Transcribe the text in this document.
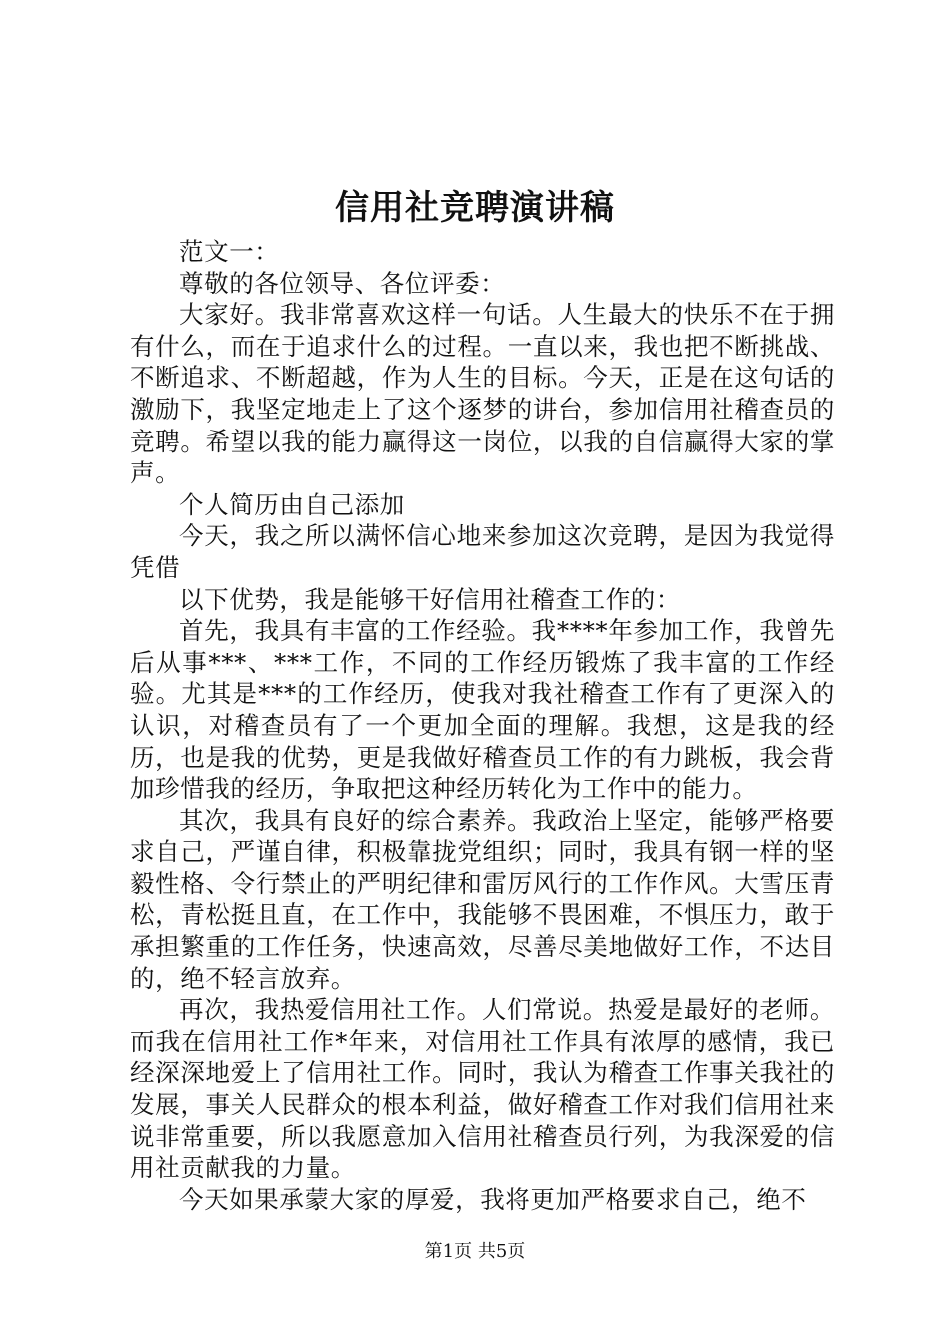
信用社竞聘演讲稿

范文一：

尊敬的各位领导、各位评委：

大家好。我非常喜欢这样一句话。人生最大的快乐不在于拥有什么，而在于追求什么的过程。一直以来，我也把不断挑战、不断追求、不断超越，作为人生的目标。今天，正是在这句话的激励下，我坚定地走上了这个逐梦的讲台，参加信用社稽查员的竞聘。希望以我的能力赢得这一岗位，以我的自信赢得大家的掌声。

个人简历由自己添加

今天，我之所以满怀信心地来参加这次竞聘，是因为我觉得凭借

以下优势，我是能够干好信用社稽查工作的：

首先，我具有丰富的工作经验。我****年参加工作，我曾先后从事***、***工作，不同的工作经历锻炼了我丰富的工作经验。尤其是***的工作经历，使我对我社稽查工作有了更深入的认识，对稽查员有了一个更加全面的理解。我想，这是我的经历，也是我的优势，更是我做好稽查员工作的有力跳板，我会背加珍惜我的经历，争取把这种经历转化为工作中的能力。

其次，我具有良好的综合素养。我政治上坚定，能够严格要求自己，严谨自律，积极靠拢党组织；同时，我具有钢一样的坚毅性格、令行禁止的严明纪律和雷厉风行的工作作风。大雪压青松，青松挺且直，在工作中，我能够不畏困难，不惧压力，敢于承担繁重的工作任务，快速高效，尽善尽美地做好工作，不达目的，绝不轻言放弃。

再次，我热爱信用社工作。人们常说。热爱是最好的老师。而我在信用社工作*年来，对信用社工作具有浓厚的感情，我已经深深地爱上了信用社工作。同时，我认为稽查工作事关我社的发展，事关人民群众的根本利益，做好稽查工作对我们信用社来说非常重要，所以我愿意加入信用社稽查员行列，为我深爱的信用社贡献我的力量。

今天如果承蒙大家的厚爱，我将更加严格要求自己，绝不

第1页 共5页
